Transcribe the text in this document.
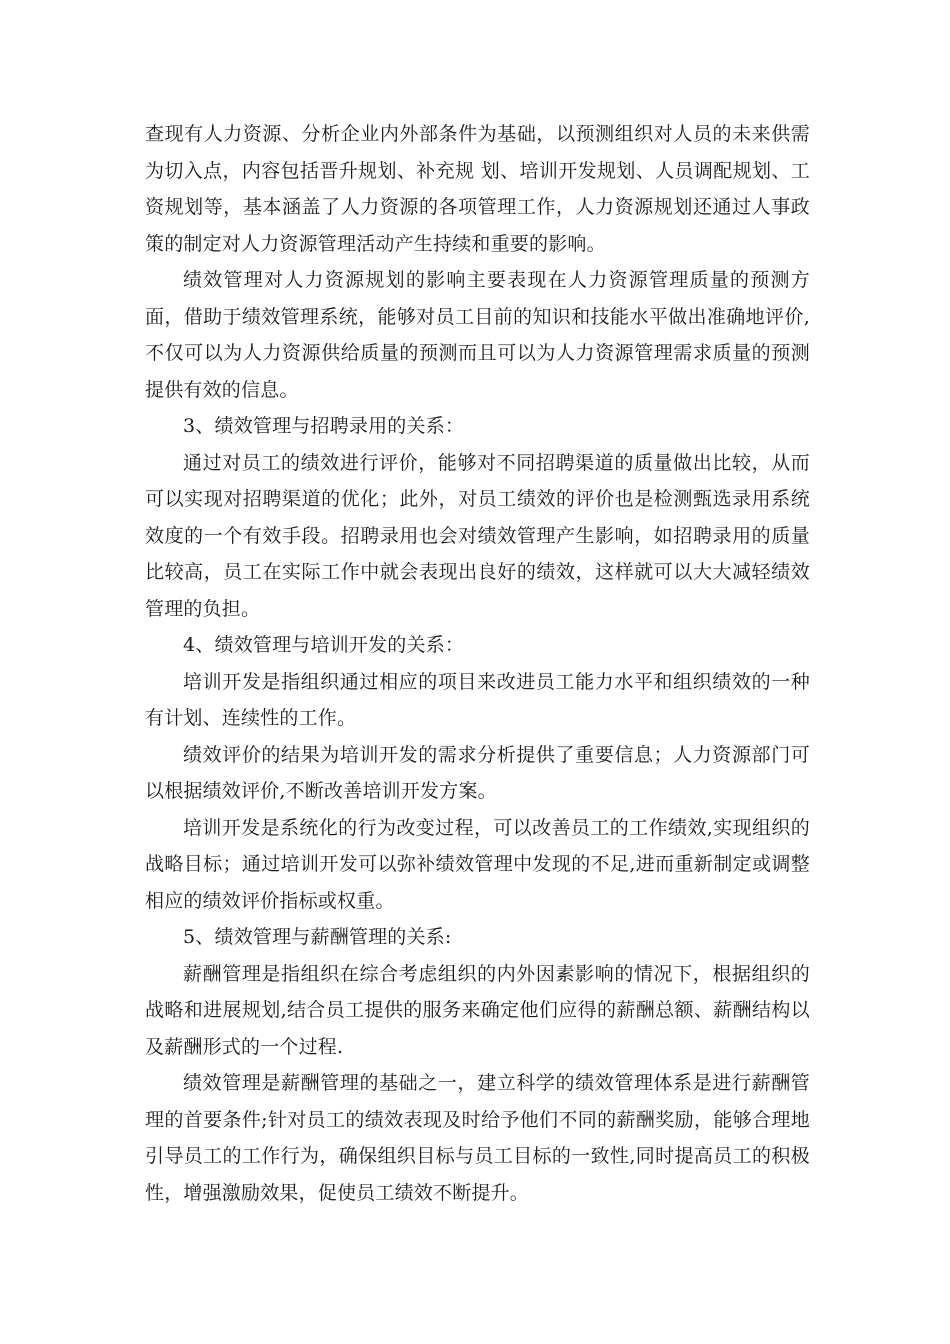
查现有人力资源、分析企业内外部条件为基础，以预测组织对人员的未来供需为切入点，内容包括晋升规划、补充规 划、培训开发规划、人员调配规划、工资规划等，基本涵盖了人力资源的各项管理工作，人力资源规划还通过人事政策的制定对人力资源管理活动产生持续和重要的影响。

绩效管理对人力资源规划的影响主要表现在人力资源管理质量的预测方面，借助于绩效管理系统，能够对员工目前的知识和技能水平做出准确地评价,不仅可以为人力资源供给质量的预测而且可以为人力资源管理需求质量的预测提供有效的信息。

3、绩效管理与招聘录用的关系：

通过对员工的绩效进行评价，能够对不同招聘渠道的质量做出比较，从而可以实现对招聘渠道的优化；此外，对员工绩效的评价也是检测甄选录用系统效度的一个有效手段。招聘录用也会对绩效管理产生影响，如招聘录用的质量比较高，员工在实际工作中就会表现出良好的绩效，这样就可以大大减轻绩效管理的负担。

4、绩效管理与培训开发的关系：

培训开发是指组织通过相应的项目来改进员工能力水平和组织绩效的一种有计划、连续性的工作。

绩效评价的结果为培训开发的需求分析提供了重要信息；人力资源部门可以根据绩效评价,不断改善培训开发方案。

培训开发是系统化的行为改变过程，可以改善员工的工作绩效,实现组织的战略目标；通过培训开发可以弥补绩效管理中发现的不足,进而重新制定或调整相应的绩效评价指标或权重。

5、绩效管理与薪酬管理的关系:

薪酬管理是指组织在综合考虑组织的内外因素影响的情况下，根据组织的战略和进展规划,结合员工提供的服务来确定他们应得的薪酬总额、薪酬结构以及薪酬形式的一个过程.

绩效管理是薪酬管理的基础之一，建立科学的绩效管理体系是进行薪酬管理的首要条件;针对员工的绩效表现及时给予他们不同的薪酬奖励，能够合理地引导员工的工作行为，确保组织目标与员工目标的一致性,同时提高员工的积极性，增强激励效果，促使员工绩效不断提升。
